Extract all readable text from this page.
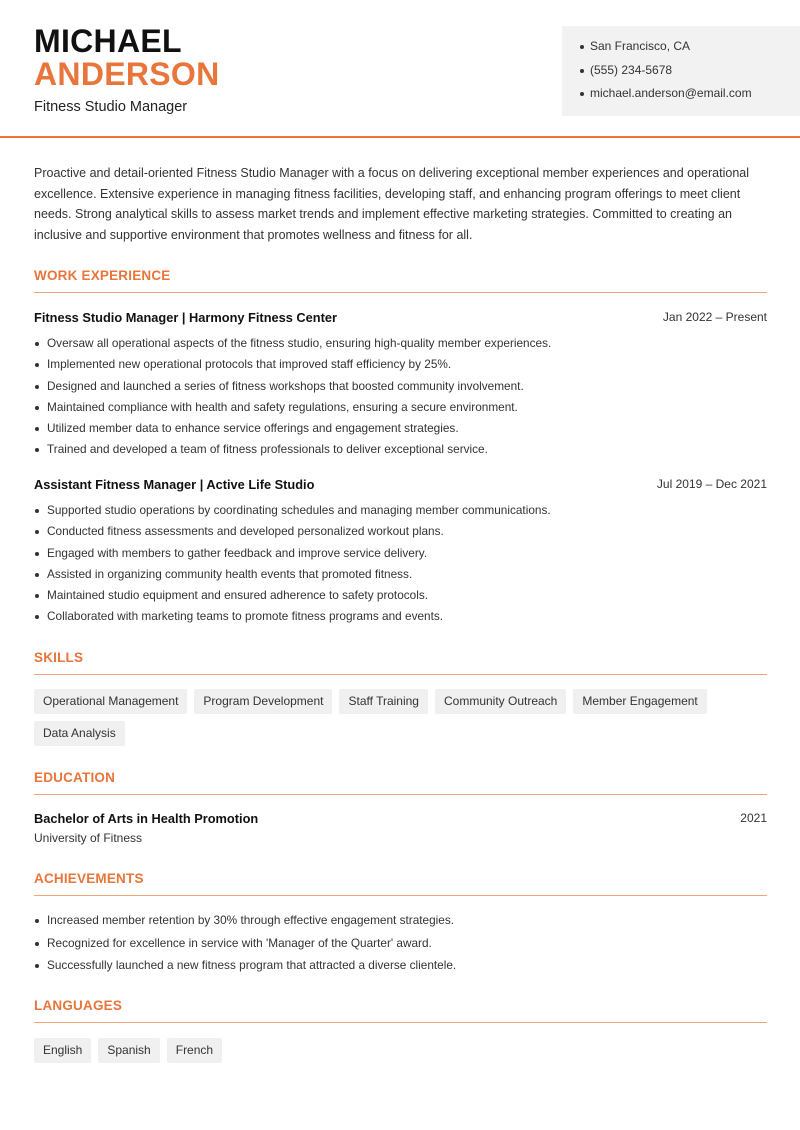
MICHAEL
ANDERSON
Fitness Studio Manager
San Francisco, CA
(555) 234-5678
michael.anderson@email.com
Proactive and detail-oriented Fitness Studio Manager with a focus on delivering exceptional member experiences and operational excellence. Extensive experience in managing fitness facilities, developing staff, and enhancing program offerings to meet client needs. Strong analytical skills to assess market trends and implement effective marketing strategies. Committed to creating an inclusive and supportive environment that promotes wellness and fitness for all.
WORK EXPERIENCE
Fitness Studio Manager | Harmony Fitness Center	Jan 2022 – Present
Oversaw all operational aspects of the fitness studio, ensuring high-quality member experiences.
Implemented new operational protocols that improved staff efficiency by 25%.
Designed and launched a series of fitness workshops that boosted community involvement.
Maintained compliance with health and safety regulations, ensuring a secure environment.
Utilized member data to enhance service offerings and engagement strategies.
Trained and developed a team of fitness professionals to deliver exceptional service.
Assistant Fitness Manager | Active Life Studio	Jul 2019 – Dec 2021
Supported studio operations by coordinating schedules and managing member communications.
Conducted fitness assessments and developed personalized workout plans.
Engaged with members to gather feedback and improve service delivery.
Assisted in organizing community health events that promoted fitness.
Maintained studio equipment and ensured adherence to safety protocols.
Collaborated with marketing teams to promote fitness programs and events.
SKILLS
Operational Management Program Development Staff Training Community Outreach Member EngagementData Analysis
EDUCATION
Bachelor of Arts in Health Promotion	2021
University of Fitness
ACHIEVEMENTS
Increased member retention by 30% through effective engagement strategies.
Recognized for excellence in service with 'Manager of the Quarter' award.
Successfully launched a new fitness program that attracted a diverse clientele.
LANGUAGES
English Spanish French
